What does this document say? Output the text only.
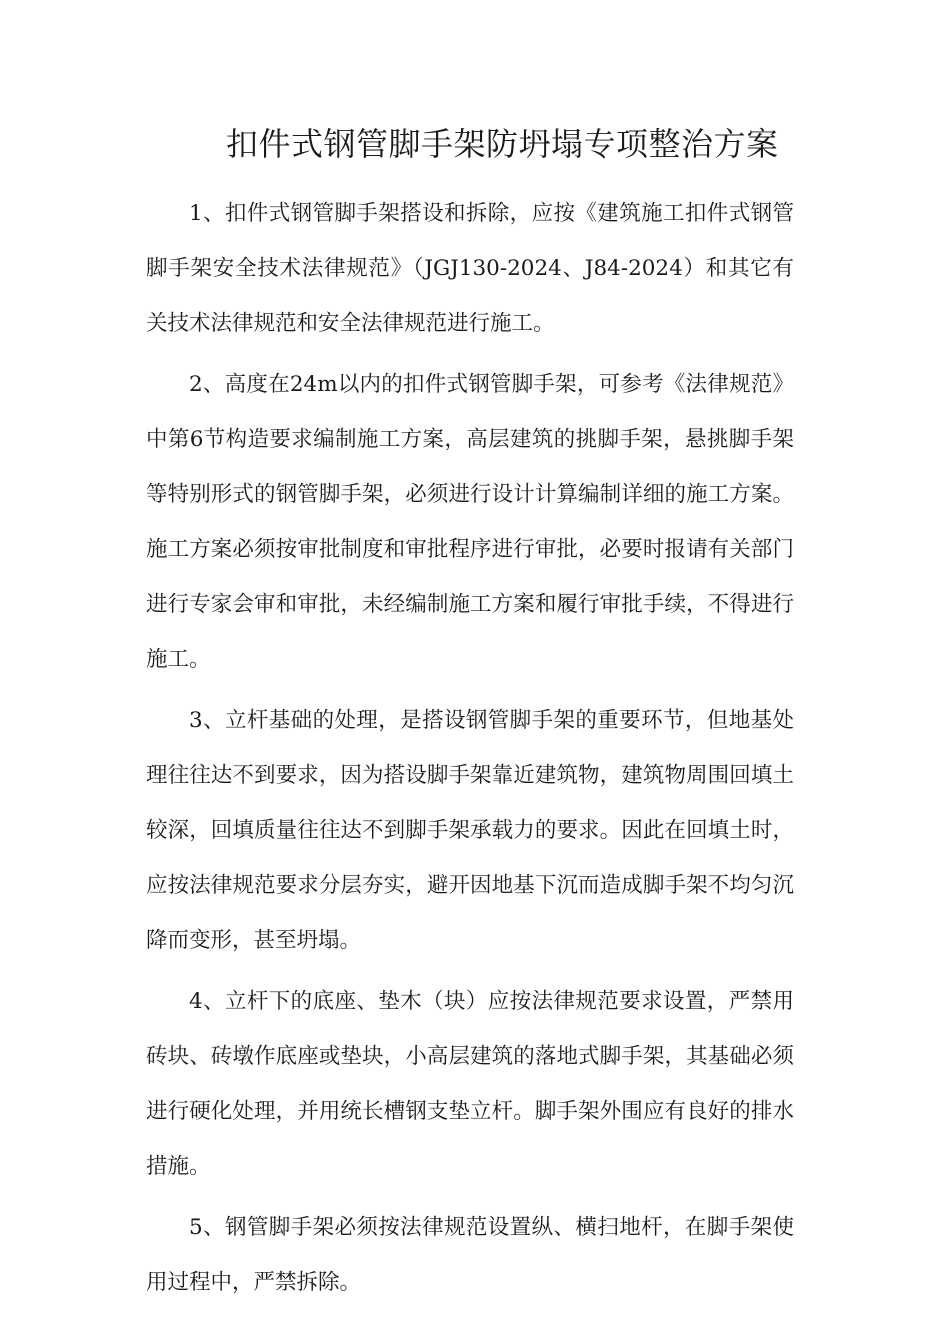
扣件式钢管脚手架防坍塌专项整治方案

1、扣件式钢管脚手架搭设和拆除，应按《建筑施工扣件式钢管脚手架安全技术法律规范》（JGJ130-2024、J84-2024）和其它有关技术法律规范和安全法律规范进行施工。

2、高度在24m以内的扣件式钢管脚手架，可参考《法律规范》中第6节构造要求编制施工方案，高层建筑的挑脚手架，悬挑脚手架等特别形式的钢管脚手架，必须进行设计计算编制详细的施工方案。施工方案必须按审批制度和审批程序进行审批，必要时报请有关部门进行专家会审和审批，未经编制施工方案和履行审批手续，不得进行施工。

3、立杆基础的处理，是搭设钢管脚手架的重要环节，但地基处理往往达不到要求，因为搭设脚手架靠近建筑物，建筑物周围回填土较深，回填质量往往达不到脚手架承载力的要求。因此在回填土时，应按法律规范要求分层夯实，避开因地基下沉而造成脚手架不均匀沉降而变形，甚至坍塌。

4、立杆下的底座、垫木（块）应按法律规范要求设置，严禁用砖块、砖墩作底座或垫块，小高层建筑的落地式脚手架，其基础必须进行硬化处理，并用统长槽钢支垫立杆。脚手架外围应有良好的排水措施。

5、钢管脚手架必须按法律规范设置纵、横扫地杆，在脚手架使用过程中，严禁拆除。
